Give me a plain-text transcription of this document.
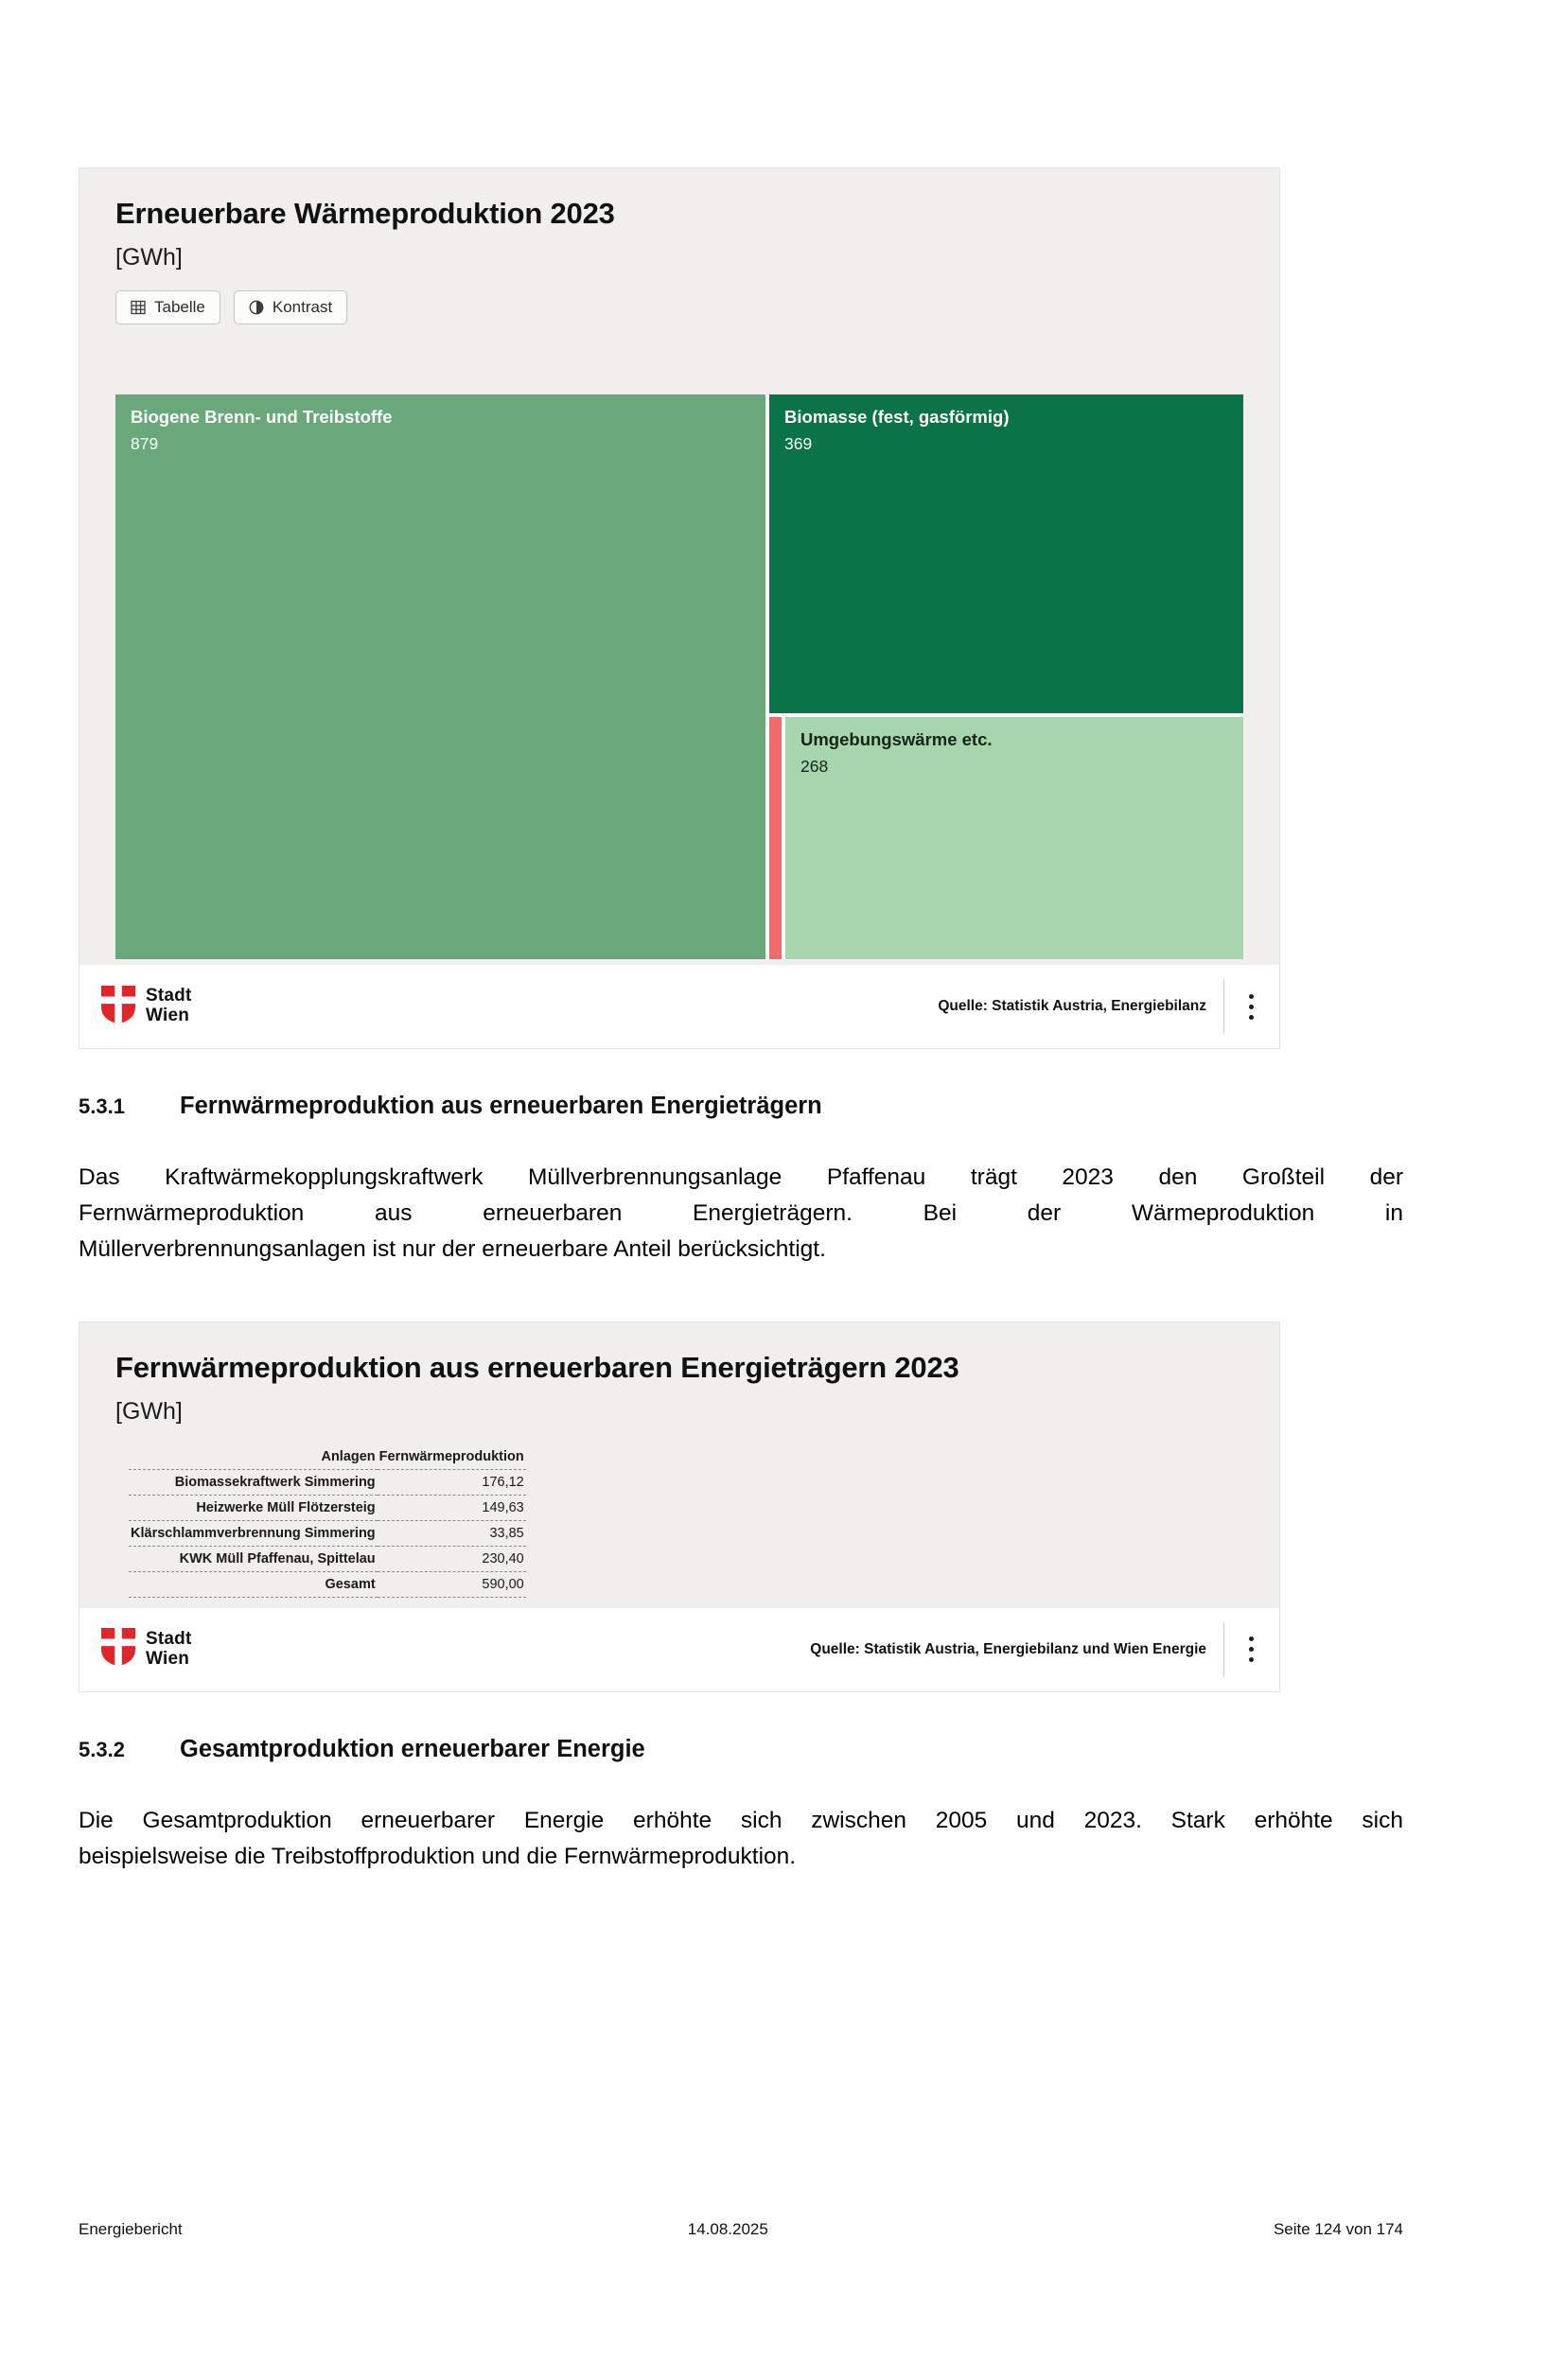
Erneuerbare Wärmeproduktion 2023
[GWh]
Tabelle	Kontrast
Biogene Brenn- und Treibstoffe
879
Biomasse (fest, gasförmig)
369
Umgebungswärme etc.
268
Stadt
Wien	Quelle: Statistik Austria, Energiebilanz
5.3.1	Fernwärmeproduktion aus erneuerbaren Energieträgern
Das Kraftwärmekopplungskraftwerk Müllverbrennungsanlage Pfaffenau trägt 2023 den Großteil der
Fernwärmeproduktion aus erneuerbaren Energieträgern. Bei der Wärmeproduktion in
Müllerverbrennungsanlagen ist nur der erneuerbare Anteil berücksichtigt.
Fernwärmeproduktion aus erneuerbaren Energieträgern 2023
[GWh]
Anlagen	Fernwärmeproduktion
Biomassekraftwerk Simmering	176,12
Heizwerke Müll Flötzersteig	149,63
Klärschlammverbrennung Simmering	33,85
KWK Müll Pfaffenau, Spittelau	230,40
Gesamt	590,00
Stadt
Wien	Quelle: Statistik Austria, Energiebilanz und Wien Energie
5.3.2	Gesamtproduktion erneuerbarer Energie
Die Gesamtproduktion erneuerbarer Energie erhöhte sich zwischen 2005 und 2023. Stark erhöhte sich
beispielsweise die Treibstoffproduktion und die Fernwärmeproduktion.
Energiebericht	14.08.2025	Seite 124 von 174
